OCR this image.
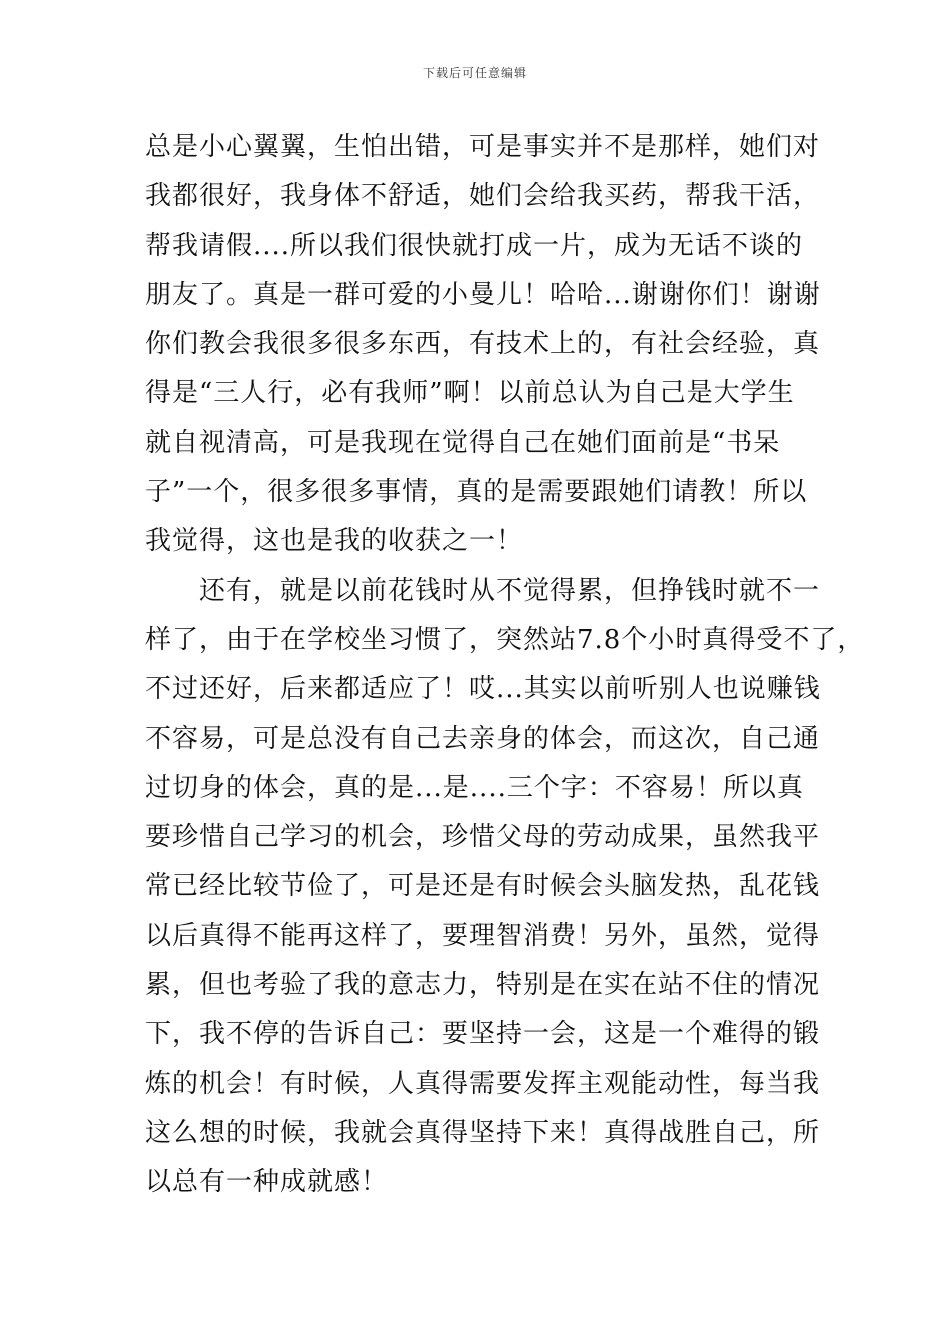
下载后可任意编辑
总是小心翼翼，生怕出错，可是事实并不是那样，她们对
我都很好，我身体不舒适，她们会给我买药，帮我干活，
帮我请假....所以我们很快就打成一片，成为无话不谈的
朋友了。真是一群可爱的小曼儿！哈哈...谢谢你们！谢谢
你们教会我很多很多东西，有技术上的，有社会经验，真
得是“三人行，必有我师”啊！以前总认为自己是大学生
就自视清高，可是我现在觉得自己在她们面前是“书呆
子”一个，很多很多事情，真的是需要跟她们请教！所以
我觉得，这也是我的收获之一！
　　还有，就是以前花钱时从不觉得累，但挣钱时就不一
样了，由于在学校坐习惯了，突然站7.8个小时真得受不了，
不过还好，后来都适应了！哎...其实以前听别人也说赚钱
不容易，可是总没有自己去亲身的体会，而这次，自己通
过切身的体会，真的是...是....三个字：不容易！所以真
要珍惜自己学习的机会，珍惜父母的劳动成果，虽然我平
常已经比较节俭了，可是还是有时候会头脑发热，乱花钱
以后真得不能再这样了，要理智消费！另外，虽然，觉得
累，但也考验了我的意志力，特别是在实在站不住的情况
下，我不停的告诉自己：要坚持一会，这是一个难得的锻
炼的机会！有时候，人真得需要发挥主观能动性，每当我
这么想的时候，我就会真得坚持下来！真得战胜自己，所
以总有一种成就感！
